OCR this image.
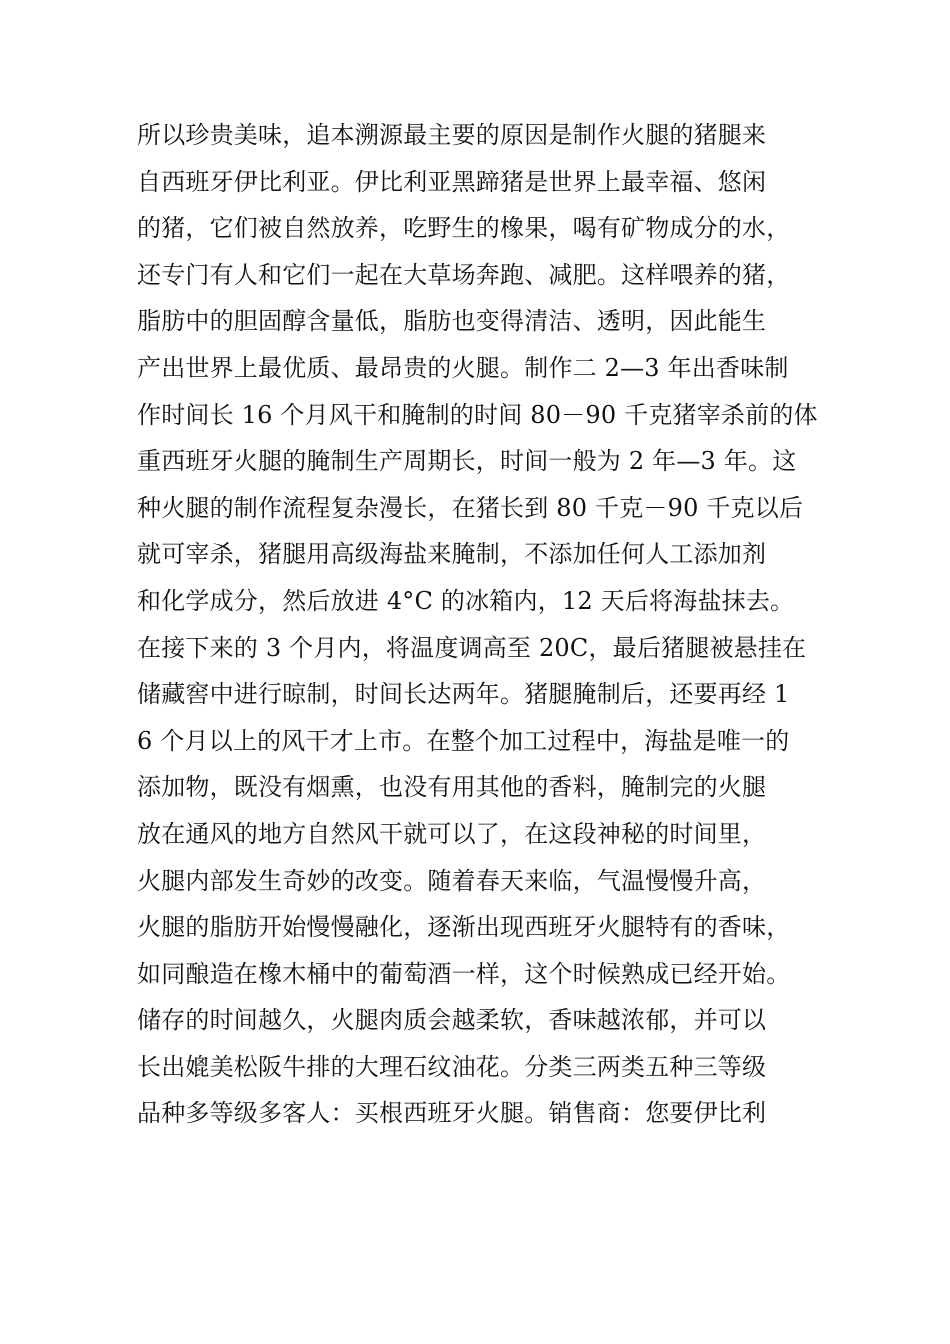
所以珍贵美味，追本溯源最主要的原因是制作火腿的猪腿来
自西班牙伊比利亚。伊比利亚黑蹄猪是世界上最幸福、悠闲
的猪，它们被自然放养，吃野生的橡果，喝有矿物成分的水，
还专门有人和它们一起在大草场奔跑、减肥。这样喂养的猪，
脂肪中的胆固醇含量低，脂肪也变得清洁、透明，因此能生
产出世界上最优质、最昂贵的火腿。制作二 2—3 年出香味制
作时间长 16 个月风干和腌制的时间 80－90 千克猪宰杀前的体
重西班牙火腿的腌制生产周期长，时间一般为 2 年—3 年。这
种火腿的制作流程复杂漫长，在猪长到 80 千克－90 千克以后
就可宰杀，猪腿用高级海盐来腌制，不添加任何人工添加剂
和化学成分，然后放进 4°C 的冰箱内，12 天后将海盐抹去。
在接下来的 3 个月内，将温度调高至 20C，最后猪腿被悬挂在
储藏窖中进行晾制，时间长达两年。猪腿腌制后，还要再经 1
6 个月以上的风干才上市。在整个加工过程中，海盐是唯一的
添加物，既没有烟熏，也没有用其他的香料，腌制完的火腿
放在通风的地方自然风干就可以了，在这段神秘的时间里，
火腿内部发生奇妙的改变。随着春天来临，气温慢慢升高，
火腿的脂肪开始慢慢融化，逐渐出现西班牙火腿特有的香味，
如同酿造在橡木桶中的葡萄酒一样，这个时候熟成已经开始。
储存的时间越久，火腿肉质会越柔软，香味越浓郁，并可以
长出媲美松阪牛排的大理石纹油花。分类三两类五种三等级
品种多等级多客人：买根西班牙火腿。销售商：您要伊比利
